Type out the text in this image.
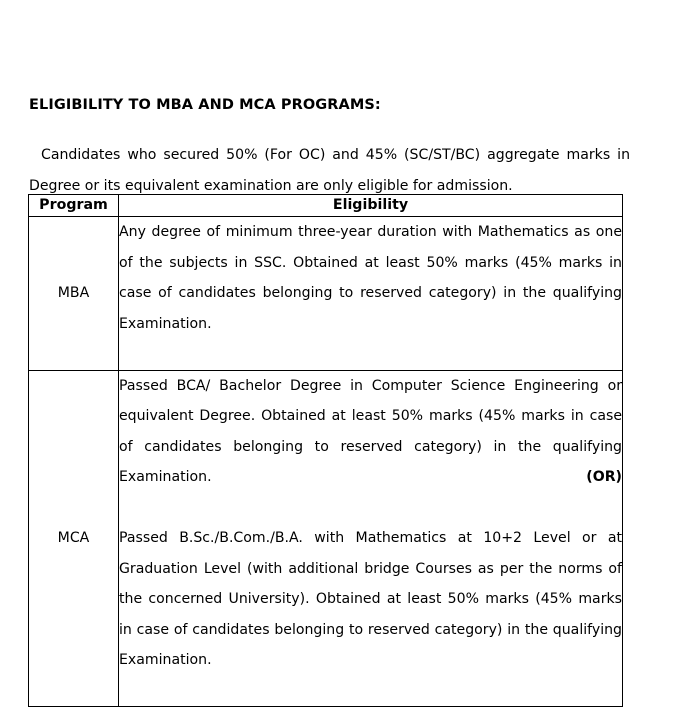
ELIGIBILITY TO MBA AND MCA PROGRAMS:
Candidates who secured 50% (For OC) and 45% (SC/ST/BC) aggregate marks in Degree or its equivalent examination are only eligible for admission.
Program	Eligibility
MBA	Any degree of minimum three-year duration with Mathematics as one of the subjects in SSC. Obtained at least 50% marks (45% marks in case of candidates belonging to reserved category) in the qualifying Examination.

MCA	Passed BCA/ Bachelor Degree in Computer Science Engineering or equivalent Degree. Obtained at least 50% marks (45% marks in case of candidates belonging to reserved category) in the qualifying Examination. (OR)

Passed B.Sc./B.Com./B.A. with Mathematics at 10+2 Level or at Graduation Level (with additional bridge Courses as per the norms of the concerned University). Obtained at least 50% marks (45% marks in case of candidates belonging to reserved category) in the qualifying Examination.
